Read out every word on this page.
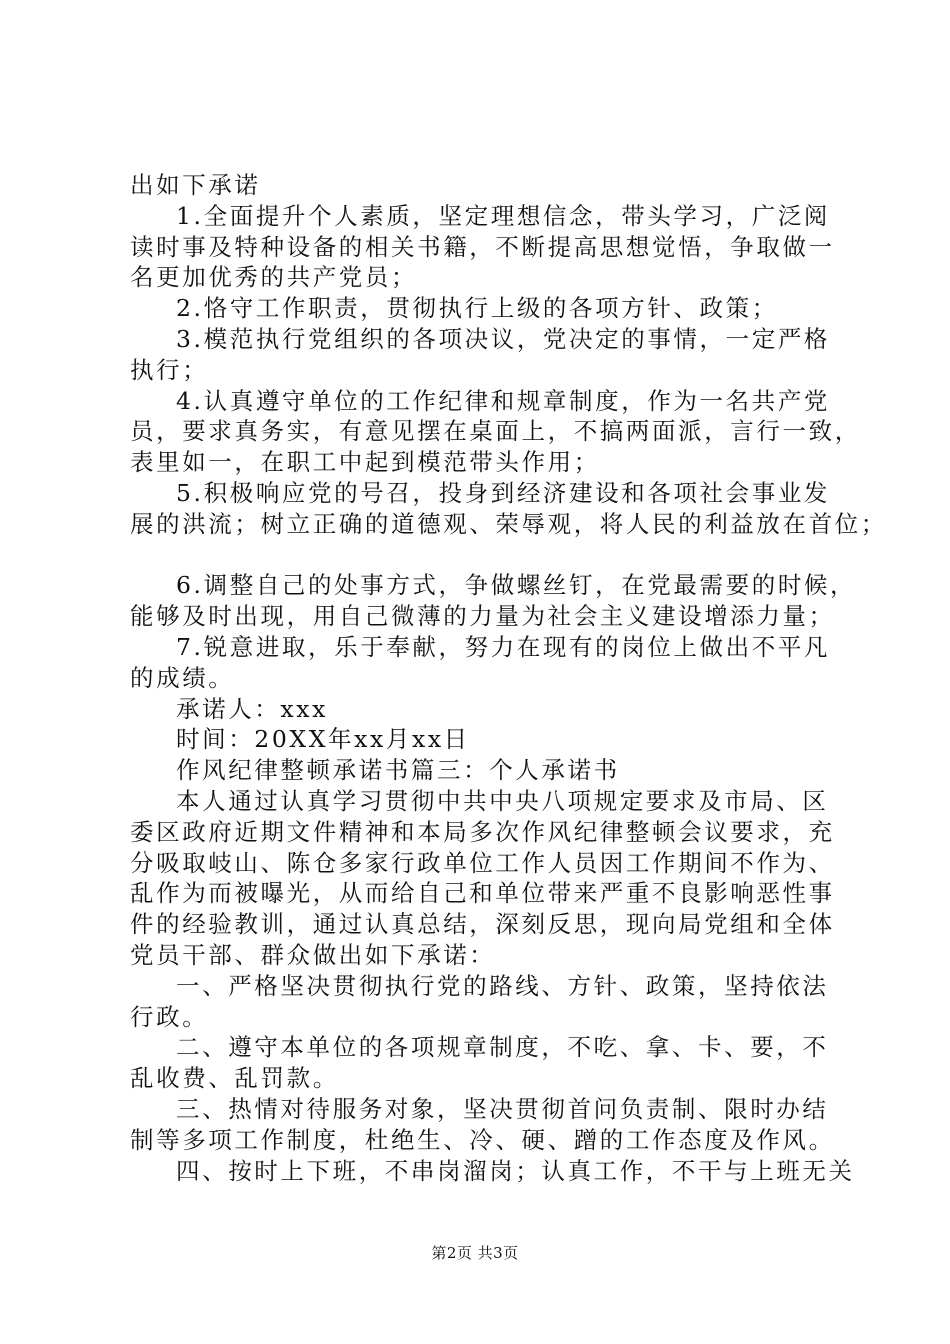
出如下承诺
1.全面提升个人素质，坚定理想信念，带头学习，广泛阅
读时事及特种设备的相关书籍，不断提高思想觉悟，争取做一
名更加优秀的共产党员；
2.恪守工作职责，贯彻执行上级的各项方针、政策；
3.模范执行党组织的各项决议，党决定的事情，一定严格
执行；
4.认真遵守单位的工作纪律和规章制度，作为一名共产党
员，要求真务实，有意见摆在桌面上，不搞两面派，言行一致，
表里如一，在职工中起到模范带头作用；
5.积极响应党的号召，投身到经济建设和各项社会事业发
展的洪流；树立正确的道德观、荣辱观，将人民的利益放在首位；
6.调整自己的处事方式，争做螺丝钉，在党最需要的时候，
能够及时出现，用自己微薄的力量为社会主义建设增添力量；
7.锐意进取，乐于奉献，努力在现有的岗位上做出不平凡
的成绩。
承诺人：xxx
时间：20XX年xx月xx日
作风纪律整顿承诺书篇三：个人承诺书
本人通过认真学习贯彻中共中央八项规定要求及市局、区
委区政府近期文件精神和本局多次作风纪律整顿会议要求，充
分吸取岐山、陈仓多家行政单位工作人员因工作期间不作为、
乱作为而被曝光，从而给自己和单位带来严重不良影响恶性事
件的经验教训，通过认真总结，深刻反思，现向局党组和全体
党员干部、群众做出如下承诺：
一、严格坚决贯彻执行党的路线、方针、政策，坚持依法
行政。
二、遵守本单位的各项规章制度，不吃、拿、卡、要，不
乱收费、乱罚款。
三、热情对待服务对象，坚决贯彻首问负责制、限时办结
制等多项工作制度，杜绝生、冷、硬、蹭的工作态度及作风。
四、按时上下班，不串岗溜岗；认真工作，不干与上班无关
第2页 共3页
